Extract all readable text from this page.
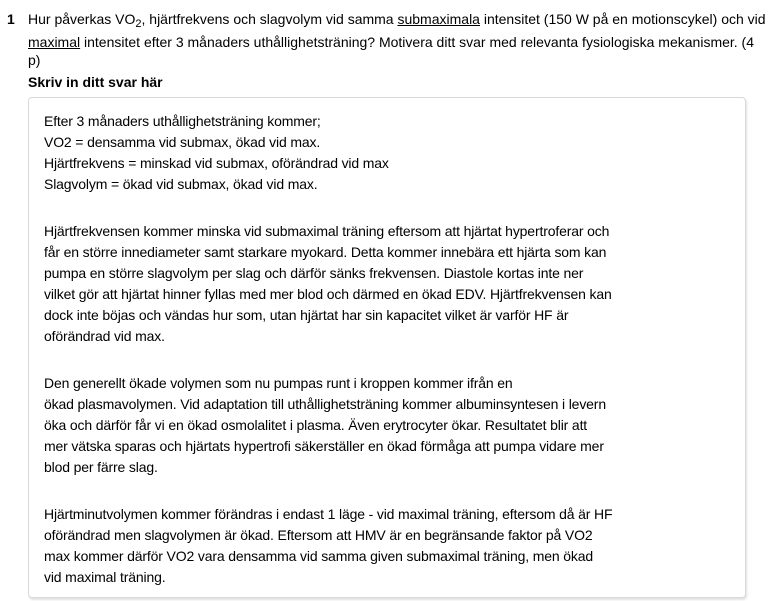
1 Hur påverkas $VO_2$, hjärtfrekvens och slagvolym vid samma submaximala intensitet (150 W på en motionscykel) och vid maximal intensitet efter 3 månaders uthållighetsträning? Motivera ditt svar med relevanta fysiologiska mekanismer. (4 p)

Skriv in ditt svar här

Efter 3 månaders uthållighetsträning kommer;
VO2 = densamma vid submax, ökad vid max.
Hjärtfrekvens = minskad vid submax, oförändrad vid max
Slagvolym = ökad vid submax, ökad vid max.
Hjärtfrekvensen kommer minska vid submaximal träning eftersom att hjärtat hypertroferar och
får en större innediameter samt starkare myokard. Detta kommer innebära ett hjärta som kan
pumpa en större slagvolym per slag och därför sänks frekvensen. Diastole kortas inte ner
vilket gör att hjärtat hinner fyllas med mer blod och därmed en ökad EDV. Hjärtfrekvensen kan
dock inte böjas och vändas hur som, utan hjärtat har sin kapacitet vilket är varför HF är
oförändrad vid max.
Den generellt ökade volymen som nu pumpas runt i kroppen kommer ifrån en
ökad plasmavolymen. Vid adaptation till uthållighetsträning kommer albuminsyntesen i levern
öka och därför får vi en ökad osmolalitet i plasma. Även erytrocyter ökar. Resultatet blir att
mer vätska sparas och hjärtats hypertrofi säkerställer en ökad förmåga att pumpa vidare mer
blod per färre slag.
Hjärtminutvolymen kommer förändras i endast 1 läge - vid maximal träning, eftersom då är HF
oförändrad men slagvolymen är ökad. Eftersom att HMV är en begränsande faktor på VO2
max kommer därför VO2 vara densamma vid samma given submaximal träning, men ökad
vid maximal träning.
